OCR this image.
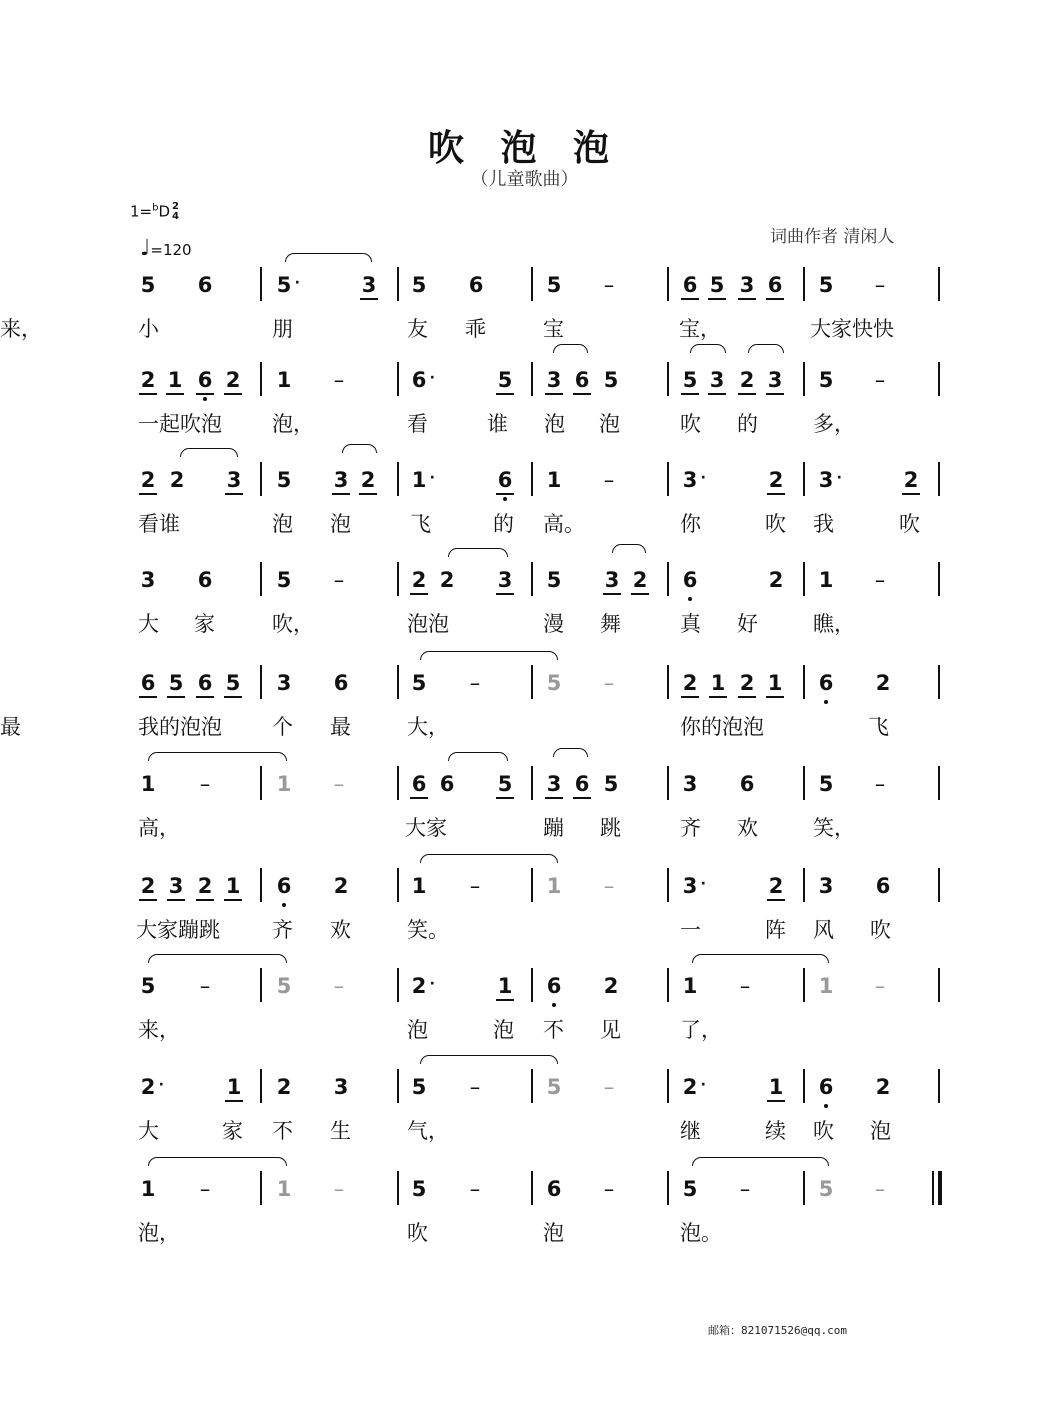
吹 泡 泡
（儿童歌曲）
1=$^b$D 2
4
♩=120
词曲作者 清闲人
邮箱：821071526@qq.com
5 6	5 ·	3 5 6	5 –	6 5 3 6 5 –
小	朋	友 乖	宝	宝，	大家快快
来，
2 1 6 2 1 –	6 ·	5 3 6 5	5 3 2 3 5 –
一起吹泡 泡，	看	谁 泡 泡	吹 的	多，
2 2 3 5 3 2 1 ·	6 1 –	3 ·	2 3 ·	2
看谁	泡 泡	飞	的 高。	你	吹 我	吹
3 6	5 –	2 2 3 5 3 2 6	2 1 –
大 家	吹，	泡泡	漫 舞	真 好	瞧，
6 5 6 5 3 6	5 –	5 –	2 1 2 1 6 2
我的泡泡 个 最	大，	你的泡泡	飞
最
1 –	1 –	6 6 5 3 6 5	3 6	5 –
高，	大家	蹦 跳	齐 欢	笑，
2 3 2 1 6 2	1 –	1 –	3 ·	2 3 6
大家蹦跳 齐 欢	笑。	一	阵 风 吹
5 –	5 –	2 ·	1 6 2	1 –	1 –
来，	泡	泡 不 见	了，
2 ·	1 2 3	5 –	5 –	2 ·	1 6 2
大	家 不 生	气，	继	续 吹 泡
1 –	1 –	5 –	6 –	5 –	5 –
泡，	吹	泡	泡。
